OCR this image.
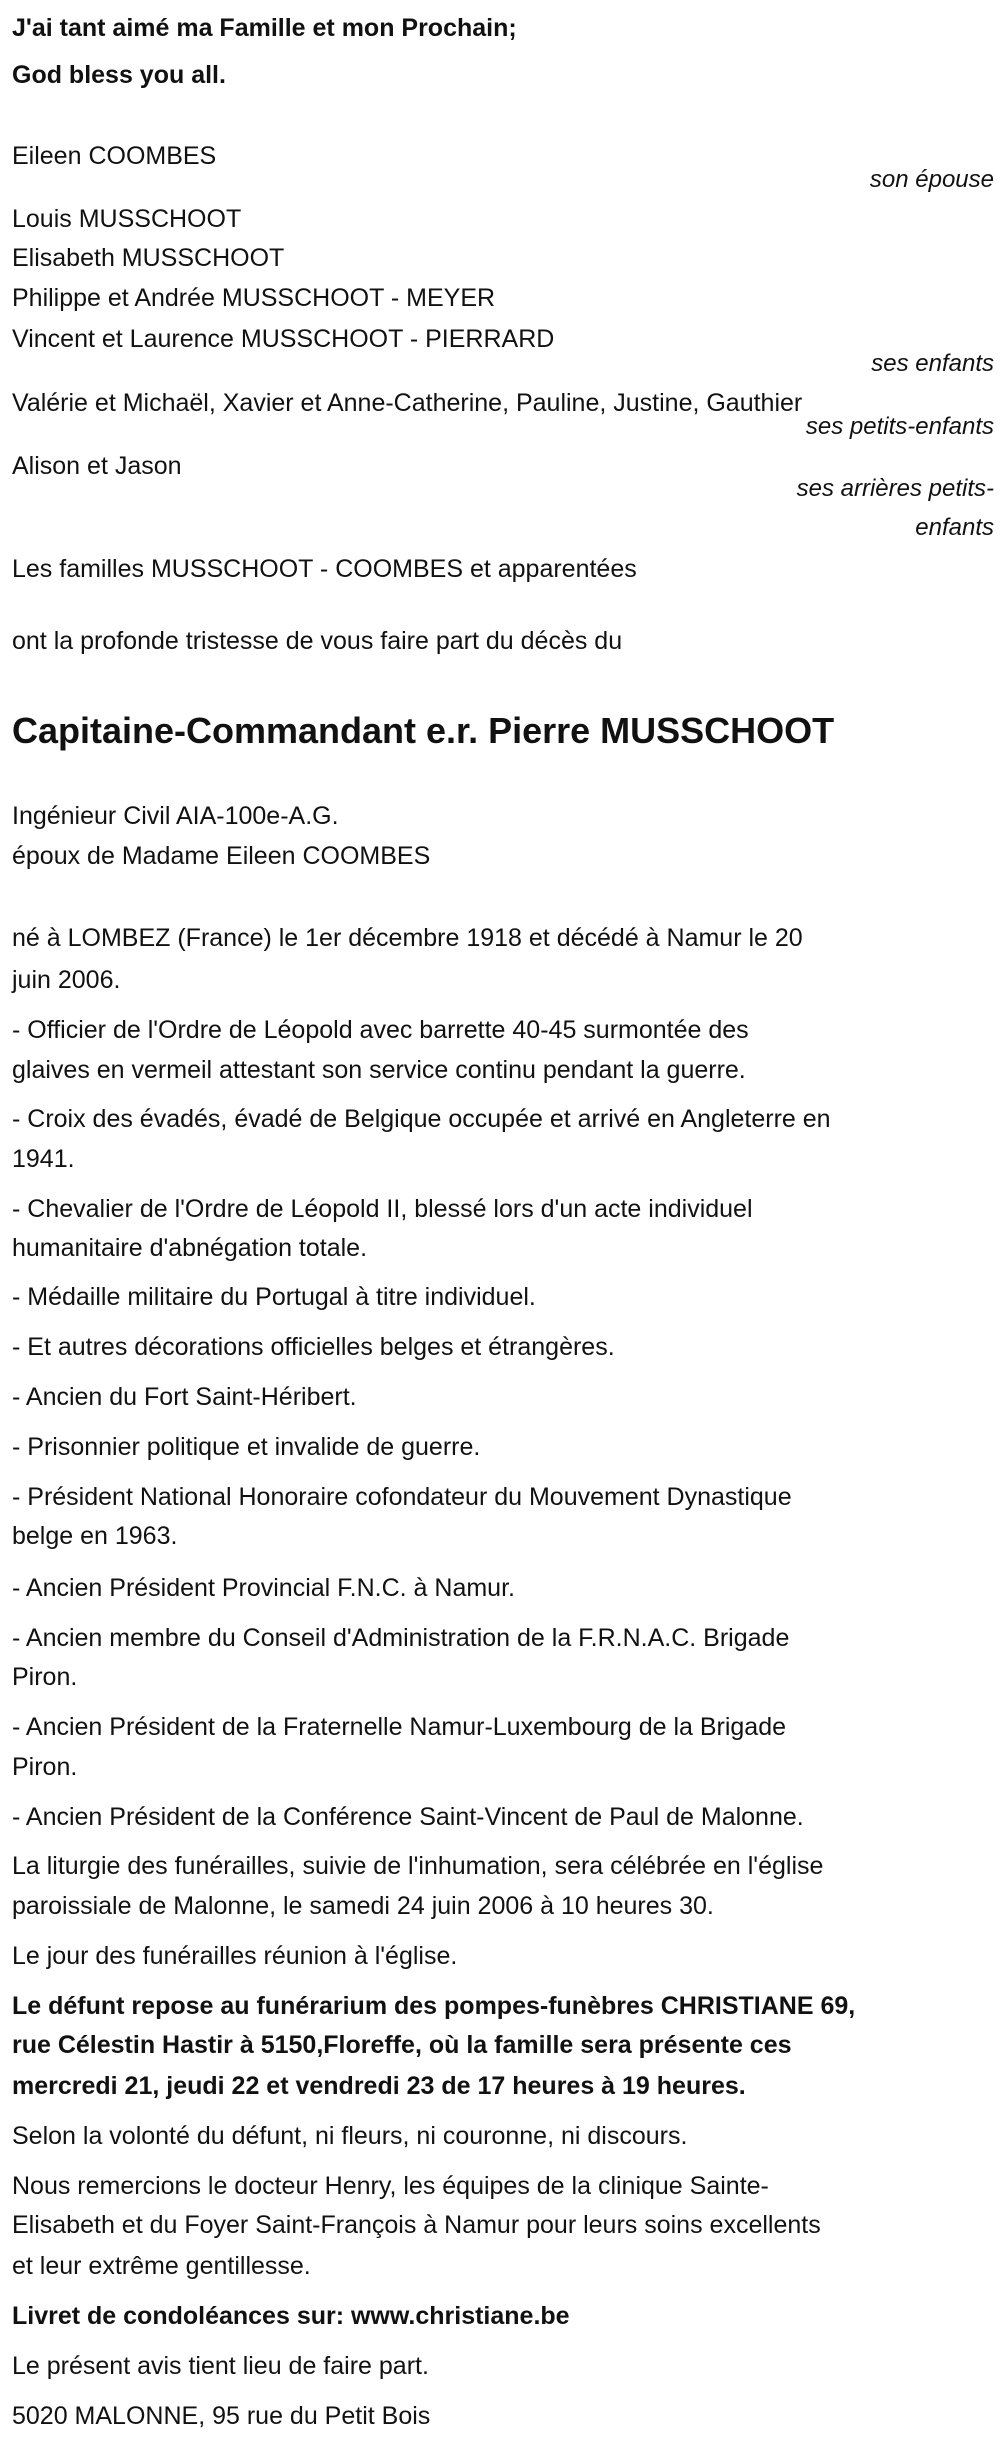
J'ai tant aimé ma Famille et mon Prochain;
God bless you all.
Eileen COOMBES
son épouse
Louis MUSSCHOOT
Elisabeth MUSSCHOOT
Philippe et Andrée MUSSCHOOT - MEYER
Vincent et Laurence MUSSCHOOT - PIERRARD
ses enfants
Valérie et Michaël, Xavier et Anne-Catherine, Pauline, Justine, Gauthier
ses petits-enfants
Alison et Jason
ses arrières petits-
enfants
Les familles MUSSCHOOT - COOMBES et apparentées
ont la profonde tristesse de vous faire part du décès du
Capitaine-Commandant e.r. Pierre MUSSCHOOT
Ingénieur Civil AIA-100e-A.G.
époux de Madame Eileen COOMBES
né à LOMBEZ (France) le 1er décembre 1918 et décédé à Namur le 20
juin 2006.
- Officier de l'Ordre de Léopold avec barrette 40-45 surmontée des
glaives en vermeil attestant son service continu pendant la guerre.
- Croix des évadés, évadé de Belgique occupée et arrivé en Angleterre en
1941.
- Chevalier de l'Ordre de Léopold II, blessé lors d'un acte individuel
humanitaire d'abnégation totale.
- Médaille militaire du Portugal à titre individuel.
- Et autres décorations officielles belges et étrangères.
- Ancien du Fort Saint-Héribert.
- Prisonnier politique et invalide de guerre.
- Président National Honoraire cofondateur du Mouvement Dynastique
belge en 1963.
- Ancien Président Provincial F.N.C. à Namur.
- Ancien membre du Conseil d'Administration de la F.R.N.A.C. Brigade
Piron.
- Ancien Président de la Fraternelle Namur-Luxembourg de la Brigade
Piron.
- Ancien Président de la Conférence Saint-Vincent de Paul de Malonne.
La liturgie des funérailles, suivie de l'inhumation, sera célébrée en l'église
paroissiale de Malonne, le samedi 24 juin 2006 à 10 heures 30.
Le jour des funérailles réunion à l'église.
Le défunt repose au funérarium des pompes-funèbres CHRISTIANE 69,
rue Célestin Hastir à 5150,Floreffe, où la famille sera présente ces
mercredi 21, jeudi 22 et vendredi 23 de 17 heures à 19 heures.
Selon la volonté du défunt, ni fleurs, ni couronne, ni discours.
Nous remercions le docteur Henry, les équipes de la clinique Sainte-
Elisabeth et du Foyer Saint-François à Namur pour leurs soins excellents
et leur extrême gentillesse.
Livret de condoléances sur: www.christiane.be
Le présent avis tient lieu de faire part.
5020 MALONNE, 95 rue du Petit Bois
